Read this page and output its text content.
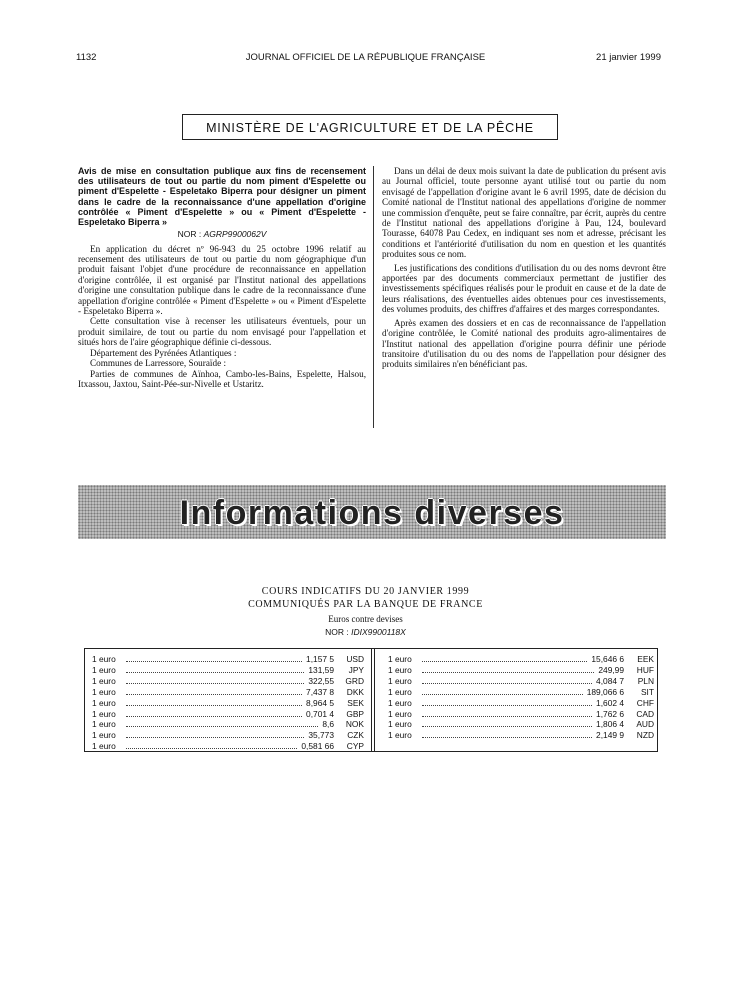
1132	JOURNAL OFFICIEL DE LA RÉPUBLIQUE FRANÇAISE	21 janvier 1999
MINISTÈRE DE L'AGRICULTURE ET DE LA PÊCHE
Avis de mise en consultation publique aux fins de recensement des utilisateurs de tout ou partie du nom piment d'Espelette ou piment d'Espelette - Espeletako Biperra pour désigner un piment dans le cadre de la reconnaissance d'une appellation d'origine contrôlée « Piment d'Espelette » ou « Piment d'Espelette - Espeletako Biperra »
NOR : AGRP9900062V

En application du décret nº 96-943 du 25 octobre 1996 relatif au recensement des utilisateurs de tout ou partie du nom géographique d'un produit faisant l'objet d'une procédure de reconnaissance en appellation d'origine contrôlée, il est organisé par l'Institut national des appellations d'origine une consultation publique dans le cadre de la reconnaissance d'une appellation d'origine contrôlée « Piment d'Espelette » ou « Piment d'Espelette - Espeletako Biperra ».

Cette consultation vise à recenser les utilisateurs éventuels, pour un produit similaire, de tout ou partie du nom envisagé pour l'appellation et situés hors de l'aire géographique définie ci-dessous.

Département des Pyrénées Atlantiques :

Communes de Larressore, Souraïde :

Parties de communes de Aïnhoa, Cambo-les-Bains, Espelette, Halsou, Itxassou, Jaxtou, Saint-Pée-sur-Nivelle et Ustaritz.

Dans un délai de deux mois suivant la date de publication du présent avis au Journal officiel, toute personne ayant utilisé tout ou partie du nom envisagé de l'appellation d'origine avant le 6 avril 1995, date de décision du Comité national de l'Institut national des appellations d'origine de nommer une commission d'enquête, peut se faire connaître, par écrit, auprès du centre de l'Institut national des appellations d'origine à Pau, 124, boulevard Tourasse, 64078 Pau Cedex, en indiquant ses nom et adresse, précisant les conditions et l'antériorité d'utilisation du nom en question et les quantités produites sous ce nom.

Les justifications des conditions d'utilisation du ou des noms devront être apportées par des documents commerciaux permettant de justifier des investissements spécifiques réalisés pour le produit en cause et de la date de leurs réalisations, des éventuelles aides obtenues pour ces investissements, des volumes produits, des chiffres d'affaires et des marges correspondantes.

Après examen des dossiers et en cas de reconnaissance de l'appellation d'origine contrôlée, le Comité national des produits agro-alimentaires de l'Institut national des appellation d'origine pourra définir une période transitoire d'utilisation du ou des noms de l'appellation pour désigner des produits similaires n'en bénéficiant pas.

Informations diverses
COURS INDICATIFS DU 20 JANVIER 1999
COMMUNIQUÉS PAR LA BANQUE DE FRANCE
Euros contre devises
NOR : IDIX9900118X
1 euro	1,157 5	USD
1 euro	131,59	JPY
1 euro	322,55	GRD
1 euro	7,437 8	DKK
1 euro	8,964 5	SEK
1 euro	0,701 4	GBP
1 euro	8,6	NOK
1 euro	35,773	CZK
1 euro	0,581 66	CYP
1 euro	15,646 6	EEK
1 euro	249,99	HUF
1 euro	4,084 7	PLN
1 euro	189,066 6	SIT
1 euro	1,602 4	CHF
1 euro	1,762 6	CAD
1 euro	1,806 4	AUD
1 euro	2,149 9	NZD
